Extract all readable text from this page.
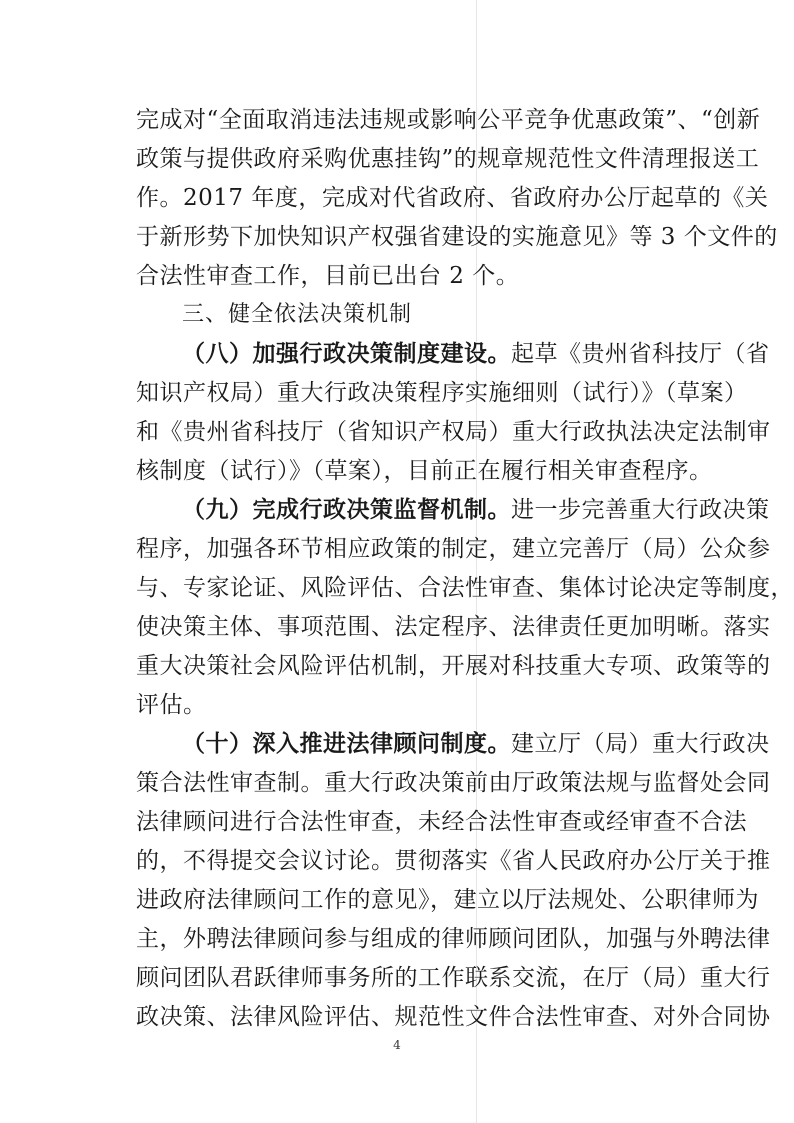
完成对“全面取消违法违规或影响公平竞争优惠政策”、“创新
政策与提供政府采购优惠挂钩”的规章规范性文件清理报送工
作。2017 年度，完成对代省政府、省政府办公厅起草的《关
于新形势下加快知识产权强省建设的实施意见》等 3 个文件的
合法性审查工作，目前已出台 2 个。
三、健全依法决策机制
（八）加强行政决策制度建设。起草《贵州省科技厅（省
知识产权局）重大行政决策程序实施细则（试行）》（草案）
和《贵州省科技厅（省知识产权局）重大行政执法决定法制审
核制度（试行）》（草案），目前正在履行相关审查程序。
（九）完成行政决策监督机制。进一步完善重大行政决策
程序，加强各环节相应政策的制定，建立完善厅（局）公众参
与、专家论证、风险评估、合法性审查、集体讨论决定等制度，
使决策主体、事项范围、法定程序、法律责任更加明晰。落实
重大决策社会风险评估机制，开展对科技重大专项、政策等的
评估。
（十）深入推进法律顾问制度。建立厅（局）重大行政决
策合法性审查制。重大行政决策前由厅政策法规与监督处会同
法律顾问进行合法性审查，未经合法性审查或经审查不合法
的，不得提交会议讨论。贯彻落实《省人民政府办公厅关于推
进政府法律顾问工作的意见》，建立以厅法规处、公职律师为
主，外聘法律顾问参与组成的律师顾问团队，加强与外聘法律
顾问团队君跃律师事务所的工作联系交流，在厅（局）重大行
政决策、法律风险评估、规范性文件合法性审查、对外合同协
4
